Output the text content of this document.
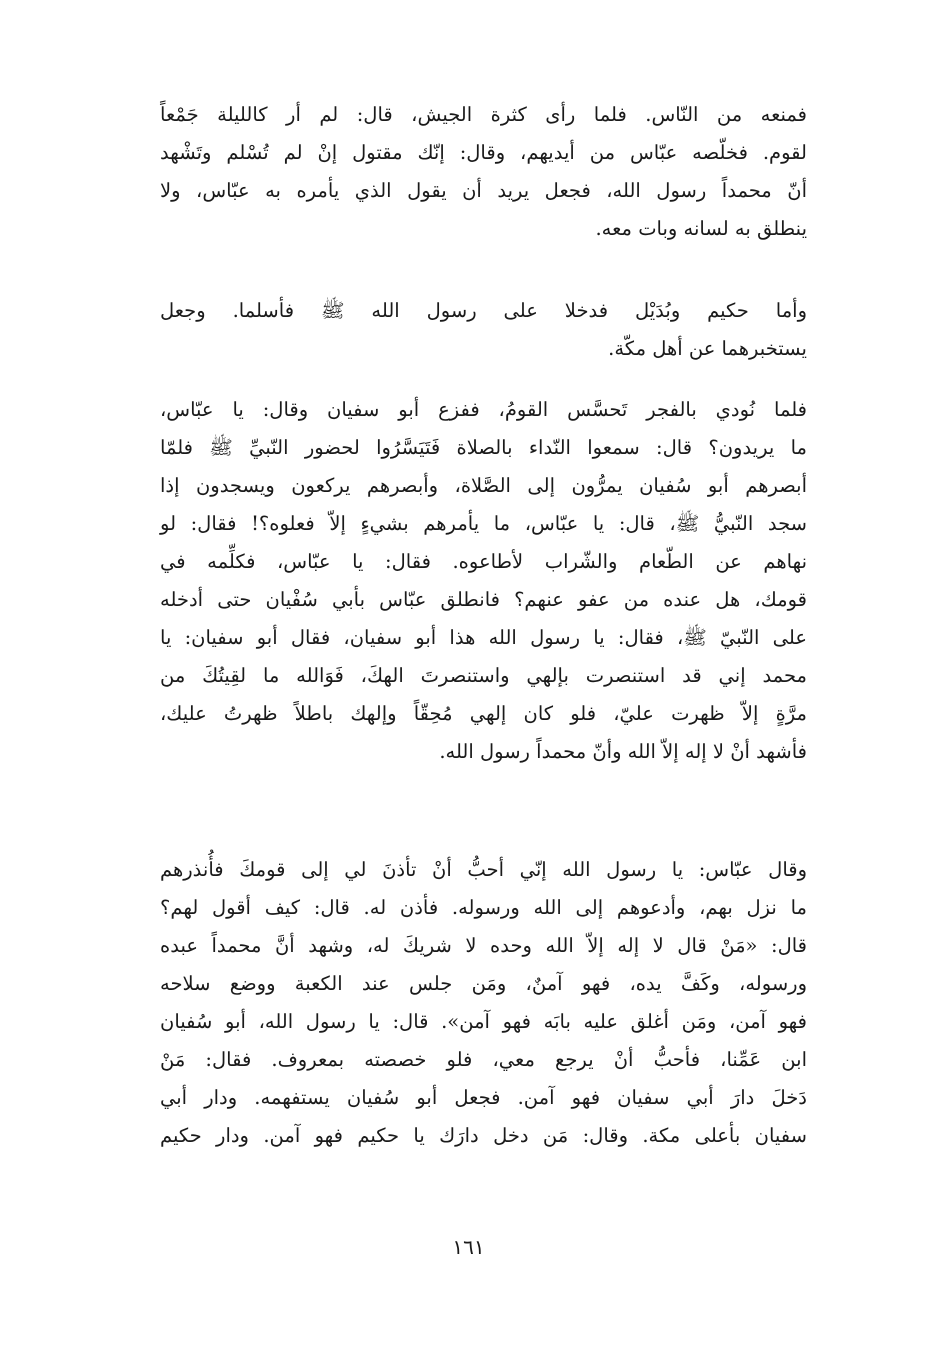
فمنعه من النّاس. فلما رأى كثرة الجيش، قال: لم أر كالليلة جَمْعاً
لقوم. فخلّصه عبّاس من أيديهم، وقال: إنّك مقتول إنْ لم تُسْلم وتَشْهد
أنّ محمداً رسول الله، فجعل يريد أن يقول الذي يأمره به عبّاس، ولا
ينطلق به لسانه وبات معه.
وأما حكيم وبُدَيْل فدخلا على رسول الله ﷺ فأسلما. وجعل
يستخبرهما عن أهل مكّة.
فلما نُودي بالفجر تَحسَّس القومُ، ففزع أبو سفيان وقال: يا عبّاس،
ما يريدون؟ قال: سمعوا النّداء بالصلاة فَتَيَسَّرُوا لحضور النّبيِّ ﷺ فلمّا
أبصرهم أبو سُفيان يمرُّون إلى الصَّلاة، وأبصرهم يركعون ويسجدون إذا
سجد النّبيُّ ﷺ، قال: يا عبّاس، ما يأمرهم بشيءٍ إلاّ فعلوه؟! فقال: لو
نهاهم عن الطّعام والشّراب لأطاعوه. فقال: يا عبّاس، فكلِّمه في
قومك، هل عنده من عفو عنهم؟ فانطلق عبّاس بأبي سُفْيان حتى أدخله
على النّبيّ ﷺ، فقال: يا رسول الله هذا أبو سفيان، فقال أبو سفيان: يا
محمد إني قد استنصرت بإلهي واستنصرتَ الهكَ، فَوَالله ما لقِيتُكَ من
مرَّةٍ إلاّ ظهرت عليّ، فلو كان إلهي مُحِقّاً وإلهك باطلاً ظهرتُ عليك،
فأشهد أنْ لا إله إلاّ الله وأنّ محمداً رسول الله.
وقال عبّاس: يا رسول الله إنّي أحبُّ أنْ تأذنَ لي إلى قومكَ فأُنذرهم
ما نزل بهم، وأدعوهم إلى الله ورسوله. فأذن له. قال: كيف أقول لهم؟
قال: «مَنْ قال لا إله إلاّ الله وحده لا شريكَ له، وشهد أنَّ محمداً عبده
ورسوله، وكَفَّ يده، فهو آمنٌ، ومَن جلس عند الكعبة ووضع سلاحه
فهو آمن، ومَن أغلق عليه بابَه فهو آمن». قال: يا رسول الله، أبو سُفيان
ابن عَمِّنا، فأحبُّ أنْ يرجع معي، فلو خصصته بمعروف. فقال: مَنْ
دَخلَ دارَ أبي سفيان فهو آمن. فجعل أبو سُفيان يستفهمه. ودار أبي
سفيان بأعلى مكة. وقال: مَن دخل دارَك يا حكيم فهو آمن. ودار حكيم
١٦١
